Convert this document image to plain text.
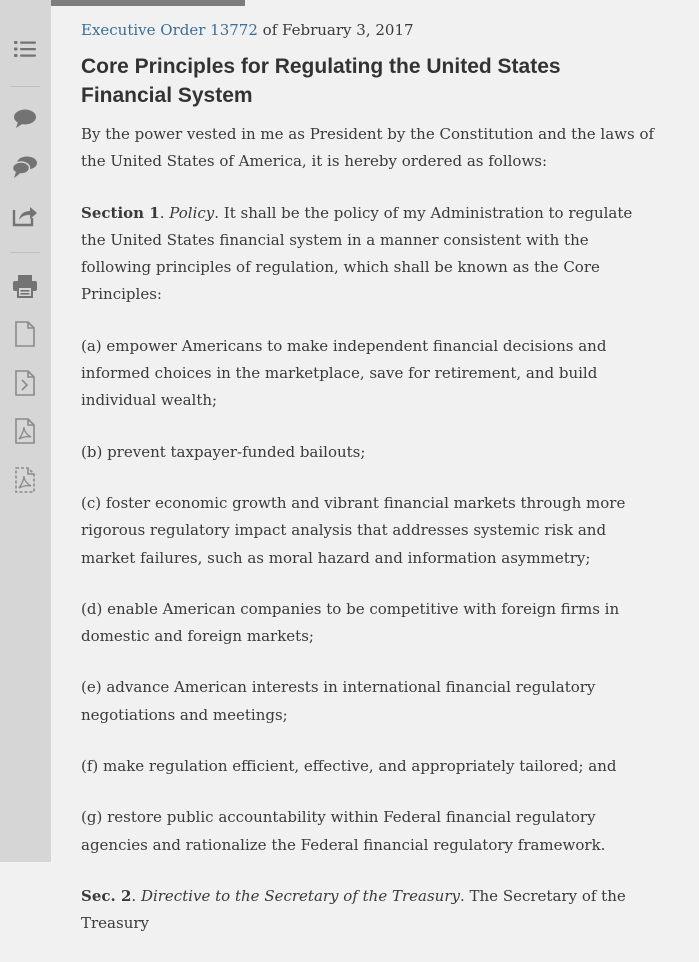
Executive Order 13772 of February 3, 2017

Core Principles for Regulating the United States Financial System

By the power vested in me as President by the Constitution and the laws of the United States of America, it is hereby ordered as follows:

Section 1. Policy. It shall be the policy of my Administration to regulate the United States financial system in a manner consistent with the following principles of regulation, which shall be known as the Core Principles:

(a) empower Americans to make independent financial decisions and informed choices in the marketplace, save for retirement, and build individual wealth;

(b) prevent taxpayer-funded bailouts;

(c) foster economic growth and vibrant financial markets through more rigorous regulatory impact analysis that addresses systemic risk and market failures, such as moral hazard and information asymmetry;

(d) enable American companies to be competitive with foreign firms in domestic and foreign markets;

(e) advance American interests in international financial regulatory negotiations and meetings;

(f) make regulation efficient, effective, and appropriately tailored; and

(g) restore public accountability within Federal financial regulatory agencies and rationalize the Federal financial regulatory framework.

Sec. 2. Directive to the Secretary of the Treasury. The Secretary of the Treasury
